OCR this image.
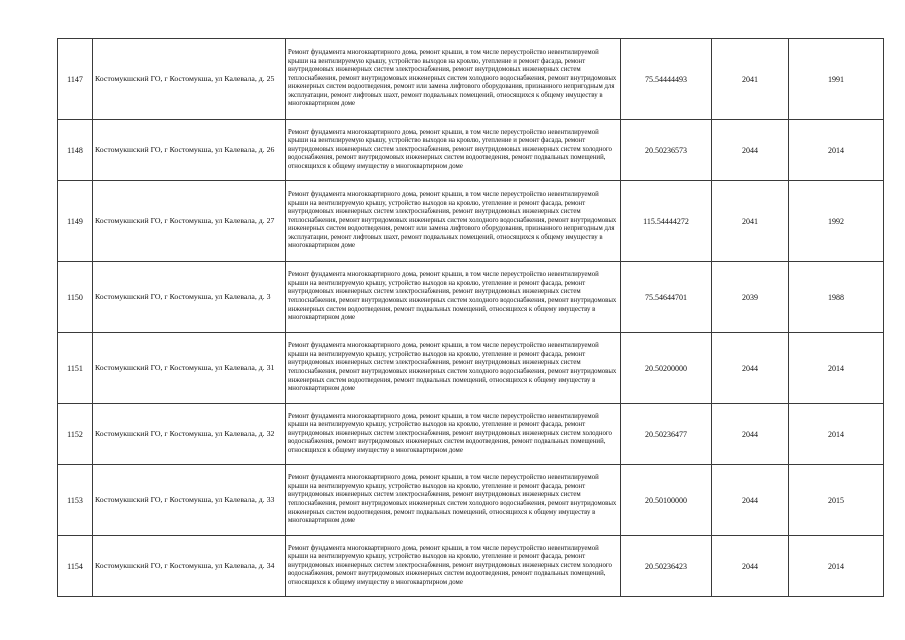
1147	Костомукшский ГО, г Костомукша, ул Калевала, д. 25	Ремонт фундамента многоквартирного дома, ремонт крыши, в том числе переустройство невентилируемой крыши на вентилируемую крышу, устройство выходов на кровлю, утепление и ремонт фасада, ремонт внутридомовых инженерных систем электроснабжения, ремонт внутридомовых инженерных систем теплоснабжения, ремонт внутридомовых инженерных систем холодного водоснабжения, ремонт внутридомовых инженерных систем водоотведения, ремонт или замена лифтового оборудования, признанного непригодным для эксплуатации, ремонт лифтовых шахт, ремонт подвальных помещений, относящихся к общему имуществу в многоквартирном доме	75.54444493	2041	1991
1148	Костомукшский ГО, г Костомукша, ул Калевала, д. 26	Ремонт фундамента многоквартирного дома, ремонт крыши, в том числе переустройство невентилируемой крыши на вентилируемую крышу, устройство выходов на кровлю, утепление и ремонт фасада, ремонт внутридомовых инженерных систем электроснабжения, ремонт внутридомовых инженерных систем холодного водоснабжения, ремонт внутридомовых инженерных систем водоотведения, ремонт подвальных помещений, относящихся к общему имуществу в многоквартирном доме	20.50236573	2044	2014
1149	Костомукшский ГО, г Костомукша, ул Калевала, д. 27	Ремонт фундамента многоквартирного дома, ремонт крыши, в том числе переустройство невентилируемой крыши на вентилируемую крышу, устройство выходов на кровлю, утепление и ремонт фасада, ремонт внутридомовых инженерных систем электроснабжения, ремонт внутридомовых инженерных систем теплоснабжения, ремонт внутридомовых инженерных систем холодного водоснабжения, ремонт внутридомовых инженерных систем водоотведения, ремонт или замена лифтового оборудования, признанного непригодным для эксплуатации, ремонт лифтовых шахт, ремонт подвальных помещений, относящихся к общему имуществу в многоквартирном доме	115.54444272	2041	1992
1150	Костомукшский ГО, г Костомукша, ул Калевала, д. 3	Ремонт фундамента многоквартирного дома, ремонт крыши, в том числе переустройство невентилируемой крыши на вентилируемую крышу, устройство выходов на кровлю, утепление и ремонт фасада, ремонт внутридомовых инженерных систем электроснабжения, ремонт внутридомовых инженерных систем теплоснабжения, ремонт внутридомовых инженерных систем холодного водоснабжения, ремонт внутридомовых инженерных систем водоотведения, ремонт подвальных помещений, относящихся к общему имуществу в многоквартирном доме	75.54644701	2039	1988
1151	Костомукшский ГО, г Костомукша, ул Калевала, д. 31	Ремонт фундамента многоквартирного дома, ремонт крыши, в том числе переустройство невентилируемой крыши на вентилируемую крышу, устройство выходов на кровлю, утепление и ремонт фасада, ремонт внутридомовых инженерных систем электроснабжения, ремонт внутридомовых инженерных систем теплоснабжения, ремонт внутридомовых инженерных систем холодного водоснабжения, ремонт внутридомовых инженерных систем водоотведения, ремонт подвальных помещений, относящихся к общему имуществу в многоквартирном доме	20.50200000	2044	2014
1152	Костомукшский ГО, г Костомукша, ул Калевала, д. 32	Ремонт фундамента многоквартирного дома, ремонт крыши, в том числе переустройство невентилируемой крыши на вентилируемую крышу, устройство выходов на кровлю, утепление и ремонт фасада, ремонт внутридомовых инженерных систем электроснабжения, ремонт внутридомовых инженерных систем холодного водоснабжения, ремонт внутридомовых инженерных систем водоотведения, ремонт подвальных помещений, относящихся к общему имуществу в многоквартирном доме	20.50236477	2044	2014
1153	Костомукшский ГО, г Костомукша, ул Калевала, д. 33	Ремонт фундамента многоквартирного дома, ремонт крыши, в том числе переустройство невентилируемой крыши на вентилируемую крышу, устройство выходов на кровлю, утепление и ремонт фасада, ремонт внутридомовых инженерных систем электроснабжения, ремонт внутридомовых инженерных систем теплоснабжения, ремонт внутридомовых инженерных систем холодного водоснабжения, ремонт внутридомовых инженерных систем водоотведения, ремонт подвальных помещений, относящихся к общему имуществу в многоквартирном доме	20.50100000	2044	2015
1154	Костомукшский ГО, г Костомукша, ул Калевала, д. 34	Ремонт фундамента многоквартирного дома, ремонт крыши, в том числе переустройство невентилируемой крыши на вентилируемую крышу, устройство выходов на кровлю, утепление и ремонт фасада, ремонт внутридомовых инженерных систем электроснабжения, ремонт внутридомовых инженерных систем холодного водоснабжения, ремонт внутридомовых инженерных систем водоотведения, ремонт подвальных помещений, относящихся к общему имуществу в многоквартирном доме	20.50236423	2044	2014
